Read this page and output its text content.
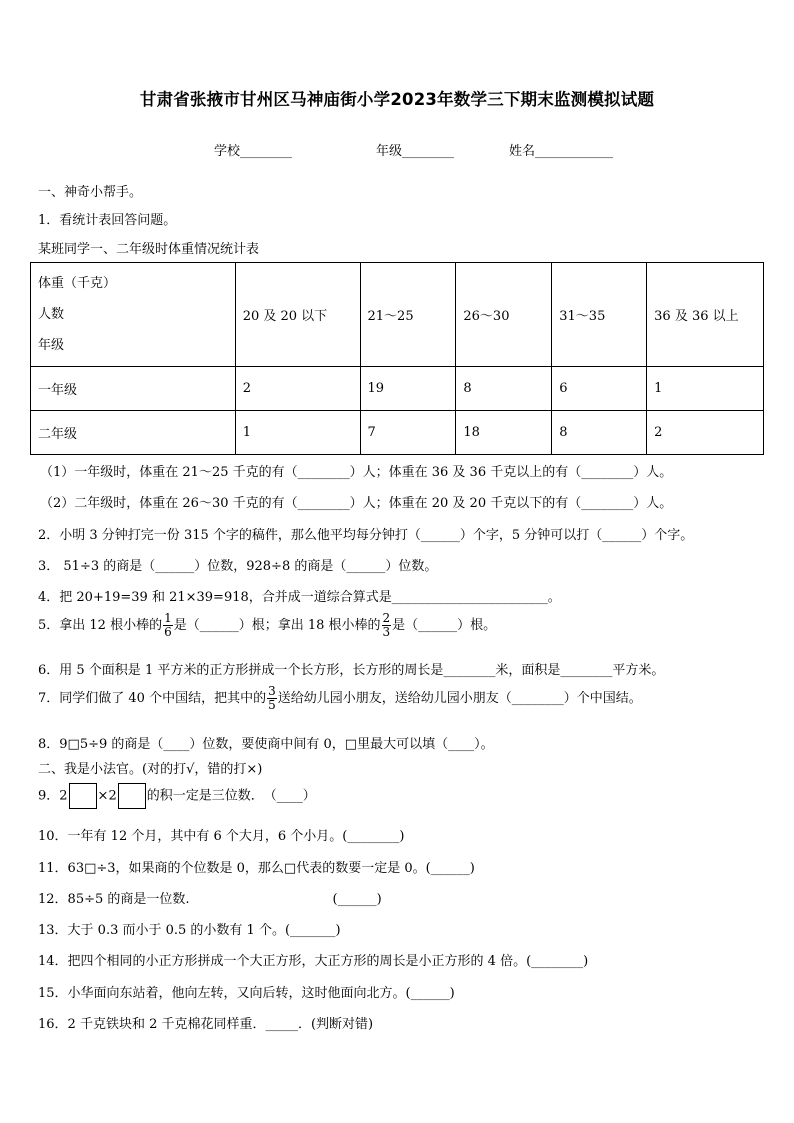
甘肃省张掖市甘州区马神庙街小学2023年数学三下期末监测模拟试题
学校________	年级________	姓名____________
一、神奇小帮手。
1．看统计表回答问题。
某班同学一、二年级时体重情况统计表
体重（千克）
人数
年级	20 及 20 以下	21～25	26～30	31～35	36 及 36 以上
一年级	2	19	8	6	1
二年级	1	7	18	8	2
（1）一年级时，体重在 21～25 千克的有（________）人；体重在 36 及 36 千克以上的有（________）人。
（2）二年级时，体重在 26～30 千克的有（________）人；体重在 20 及 20 千克以下的有（________）人。
2．小明 3 分钟打完一份 315 个字的稿件，那么他平均每分钟打（______）个字，5 分钟可以打（______）个字。
3． 51÷3 的商是（______）位数，928÷8 的商是（______）位数。
4．把 20+19=39 和 21×39=918，合并成一道综合算式是________________________。
5．拿出 12 根小棒的 $\frac{1}{6}$ 是（______）根；拿出 18 根小棒的 $\frac{2}{3}$ 是（______）根。
6．用 5 个面积是 1 平方米的正方形拼成一个长方形，长方形的周长是________米，面积是________平方米。
7．同学们做了 40 个中国结，把其中的 $\frac{3}{5}$ 送给幼儿园小朋友，送给幼儿园小朋友（________）个中国结。
8．9□5÷9 的商是（____）位数，要使商中间有 0，□里最大可以填（____）。
二、我是小法官。(对的打√，错的打×)
9．2 ×2 的积一定是三位数．　（____）
10．一年有 12 个月，其中有 6 个大月，6 个小月。(________)
11．63□÷3，如果商的个位数是 0，那么□代表的数要一定是 0。(______)
12．85÷5 的商是一位数.　　　　　　　　　　　(______)
13．大于 0.3 而小于 0.5 的小数有 1 个。(_______)
14．把四个相同的小正方形拼成一个大正方形，大正方形的周长是小正方形的 4 倍。(________)
15．小华面向东站着，他向左转，又向后转，这时他面向北方。(______)
16．2 千克铁块和 2 千克棉花同样重．_____．(判断对错)
